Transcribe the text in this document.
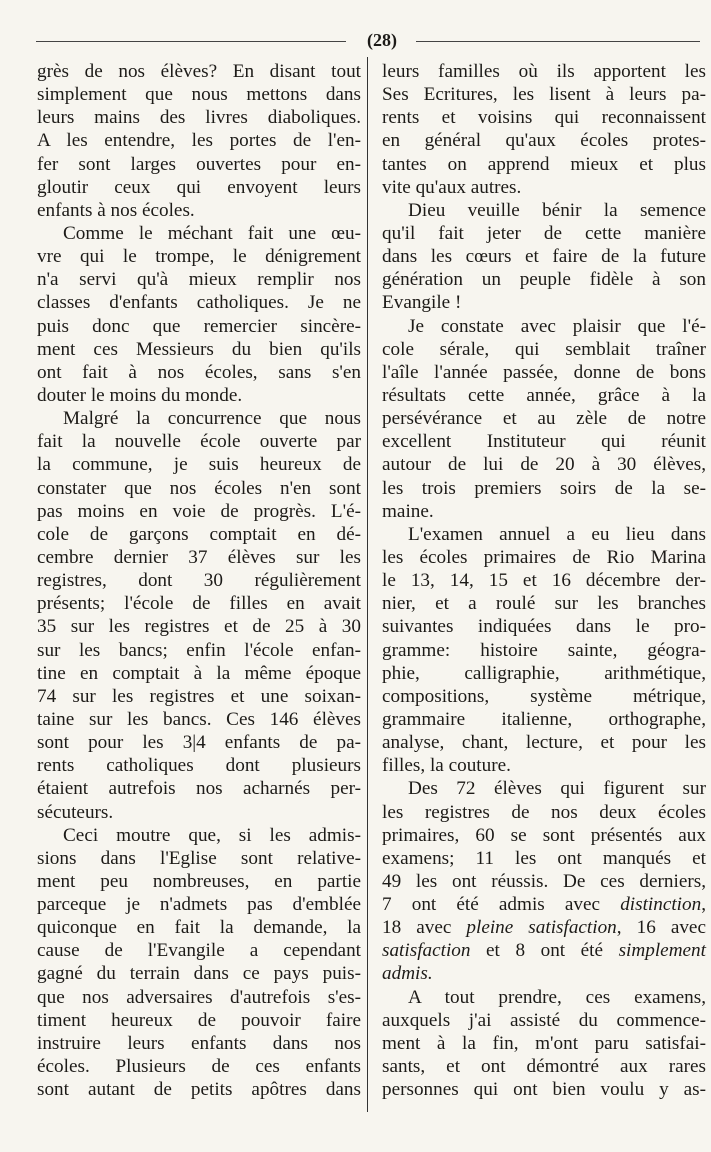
(28)
grès de nos élèves? En disant tout
simplement que nous mettons dans
leurs mains des livres diaboliques.
A les entendre, les portes de l'en-
fer sont larges ouvertes pour en-
gloutir ceux qui envoyent leurs
enfants à nos écoles.
Comme le méchant fait une œu-
vre qui le trompe, le dénigrement
n'a servi qu'à mieux remplir nos
classes d'enfants catholiques. Je ne
puis donc que remercier sincère-
ment ces Messieurs du bien qu'ils
ont fait à nos écoles, sans s'en
douter le moins du monde.
Malgré la concurrence que nous
fait la nouvelle école ouverte par
la commune, je suis heureux de
constater que nos écoles n'en sont
pas moins en voie de progrès. L'é-
cole de garçons comptait en dé-
cembre dernier 37 élèves sur les
registres, dont 30 régulièrement
présents; l'école de filles en avait
35 sur les registres et de 25 à 30
sur les bancs; enfin l'école enfan-
tine en comptait à la même époque
74 sur les registres et une soixan-
taine sur les bancs. Ces 146 élèves
sont pour les 3|4 enfants de pa-
rents catholiques dont plusieurs
étaient autrefois nos acharnés per-
sécuteurs.
Ceci moutre que, si les admis-
sions dans l'Eglise sont relative-
ment peu nombreuses, en partie
parceque je n'admets pas d'emblée
quiconque en fait la demande, la
cause de l'Evangile a cependant
gagné du terrain dans ce pays puis-
que nos adversaires d'autrefois s'es-
timent heureux de pouvoir faire
instruire leurs enfants dans nos
écoles. Plusieurs de ces enfants
sont autant de petits apôtres dans
leurs familles où ils apportent les
Ses Ecritures, les lisent à leurs pa-
rents et voisins qui reconnaissent
en général qu'aux écoles protes-
tantes on apprend mieux et plus
vite qu'aux autres.
Dieu veuille bénir la semence
qu'il fait jeter de cette manière
dans les cœurs et faire de la future
génération un peuple fidèle à son
Evangile !
Je constate avec plaisir que l'é-
cole sérale, qui semblait traîner
l'aîle l'année passée, donne de bons
résultats cette année, grâce à la
persévérance et au zèle de notre
excellent Instituteur qui réunit
autour de lui de 20 à 30 élèves,
les trois premiers soirs de la se-
maine.
L'examen annuel a eu lieu dans
les écoles primaires de Rio Marina
le 13, 14, 15 et 16 décembre der-
nier, et a roulé sur les branches
suivantes indiquées dans le pro-
gramme: histoire sainte, géogra-
phie, calligraphie, arithmétique,
compositions, système métrique,
grammaire italienne, orthographe,
analyse, chant, lecture, et pour les
filles, la couture.
Des 72 élèves qui figurent sur
les registres de nos deux écoles
primaires, 60 se sont présentés aux
examens; 11 les ont manqués et
49 les ont réussis. De ces derniers,
7 ont été admis avec distinction,
18 avec pleine satisfaction, 16 avec
satisfaction et 8 ont été simplement
admis.
A tout prendre, ces examens,
auxquels j'ai assisté du commence-
ment à la fin, m'ont paru satisfai-
sants, et ont démontré aux rares
personnes qui ont bien voulu y as-
